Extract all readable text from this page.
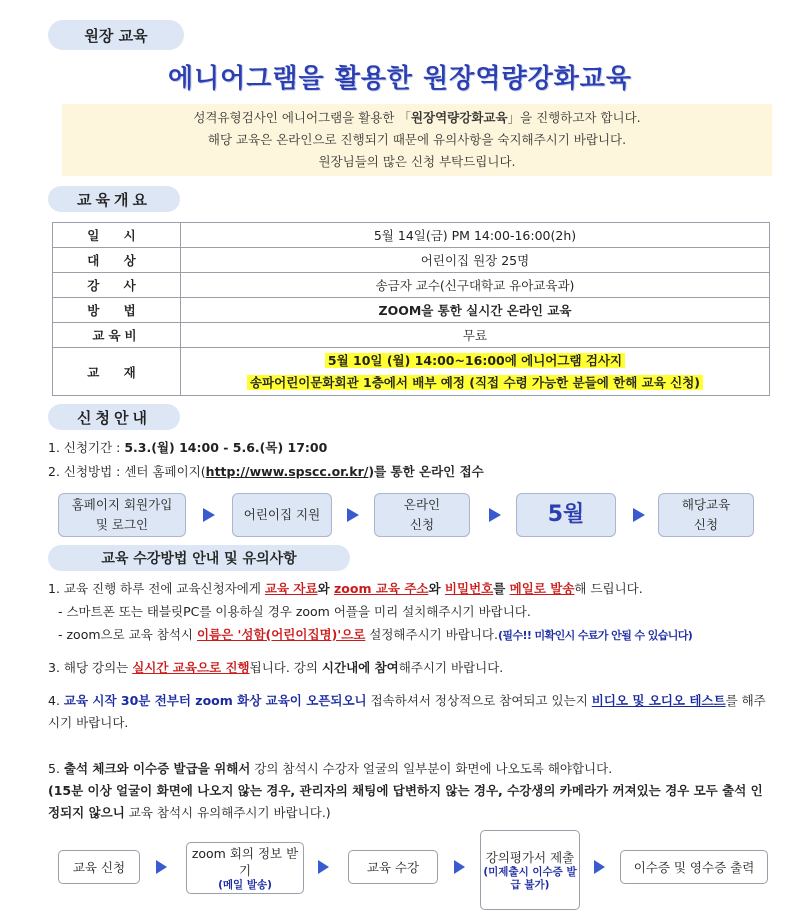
원장 교육
에니어그램을 활용한 원장역량강화교육
성격유형검사인 에니어그램을 활용한 「원장역량강화교육」을 진행하고자 합니다.
해당 교육은 온라인으로 진행되기 때문에 유의사항을 숙지해주시기 바랍니다.
원장님들의 많은 신청 부탁드립니다.
교육개요
일 시	5월 14일(금) PM 14:00-16:00(2h)
대 상	어린이집 원장 25명
강 사	송금자 교수(신구대학교 유아교육과)
방 법	ZOOM을 통한 실시간 온라인 교육
교육비	무료
교 재	5월 10일 (월) 14:00~16:00에 에니어그램 검사지
송파어린이문화회관 1층에서 배부 예정 (직접 수령 가능한 분들에 한해 교육 신청)
신청안내
1. 신청기간 : 5.3.(월) 14:00 - 5.6.(목) 17:00
2. 신청방법 : 센터 홈페이지(http://www.spscc.or.kr/)를 통한 온라인 접수
홈페이지 회원가입
및 로그인
어린이집 지원
온라인
신청	5월	해당교육
신청
교육 수강방법 안내 및 유의사항
1. 교육 진행 하루 전에 교육신청자에게 교육 자료와 zoom 교육 주소와 비밀번호를 메일로 발송해 드립니다.
- 스마트폰 또는 태블릿PC를 이용하실 경우 zoom 어플을 미리 설치해주시기 바랍니다.
- zoom으로 교육 참석시 이름은 '성함(어린이집명)'으로 설정해주시기 바랍니다.(필수!! 미확인시 수료가 안될 수 있습니다)
3. 해당 강의는 실시간 교육으로 진행됩니다. 강의 시간내에 참여해주시기 바랍니다.
4. 교육 시작 30분 전부터 zoom 화상 교육이 오픈되오니 접속하셔서 정상적으로 참여되고 있는지 비디오 및 오디오 테스트를 해주시기 바랍니다.
5. 출석 체크와 이수증 발급을 위해서 강의 참석시 수강자 얼굴의 일부분이 화면에 나오도록 해야합니다.
(15분 이상 얼굴이 화면에 나오지 않는 경우, 관리자의 채팅에 답변하지 않는 경우, 수강생의 카메라가 꺼져있는 경우 모두 출석 인정되지 않으니 교육 참석시 유의해주시기 바랍니다.)
교육 신청
zoom 회의 정보 받기
(메일 발송)
교육 수강
강의평가서 제출
(미제출시 이수증 발급 불가)
이수증 및 영수증 출력
